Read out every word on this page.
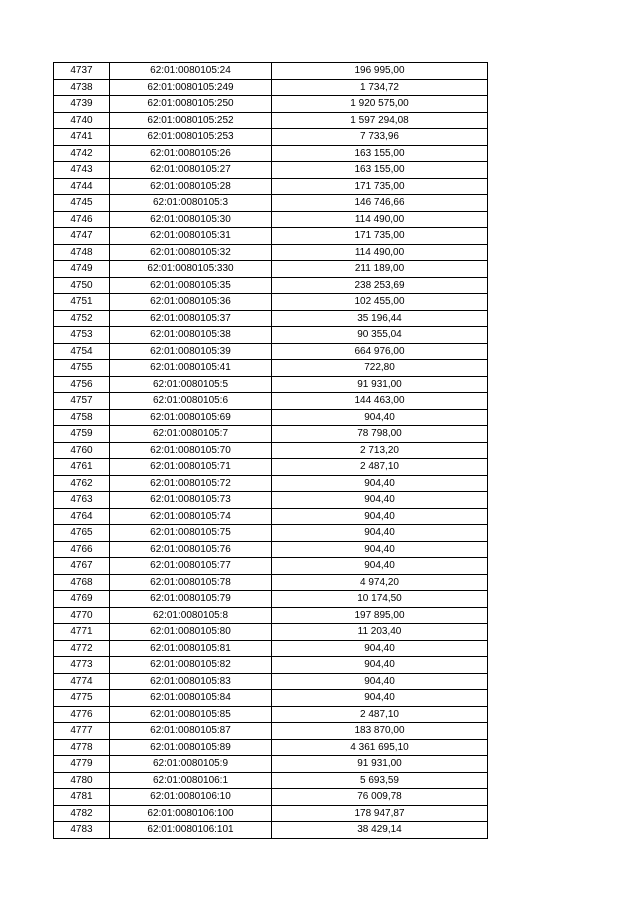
4737	62:01:0080105:24	196 995,00
4738	62:01:0080105:249	1 734,72
4739	62:01:0080105:250	1 920 575,00
4740	62:01:0080105:252	1 597 294,08
4741	62:01:0080105:253	7 733,96
4742	62:01:0080105:26	163 155,00
4743	62:01:0080105:27	163 155,00
4744	62:01:0080105:28	171 735,00
4745	62:01:0080105:3	146 746,66
4746	62:01:0080105:30	114 490,00
4747	62:01:0080105:31	171 735,00
4748	62:01:0080105:32	114 490,00
4749	62:01:0080105:330	211 189,00
4750	62:01:0080105:35	238 253,69
4751	62:01:0080105:36	102 455,00
4752	62:01:0080105:37	35 196,44
4753	62:01:0080105:38	90 355,04
4754	62:01:0080105:39	664 976,00
4755	62:01:0080105:41	722,80
4756	62:01:0080105:5	91 931,00
4757	62:01:0080105:6	144 463,00
4758	62:01:0080105:69	904,40
4759	62:01:0080105:7	78 798,00
4760	62:01:0080105:70	2 713,20
4761	62:01:0080105:71	2 487,10
4762	62:01:0080105:72	904,40
4763	62:01:0080105:73	904,40
4764	62:01:0080105:74	904,40
4765	62:01:0080105:75	904,40
4766	62:01:0080105:76	904,40
4767	62:01:0080105:77	904,40
4768	62:01:0080105:78	4 974,20
4769	62:01:0080105:79	10 174,50
4770	62:01:0080105:8	197 895,00
4771	62:01:0080105:80	11 203,40
4772	62:01:0080105:81	904,40
4773	62:01:0080105:82	904,40
4774	62:01:0080105:83	904,40
4775	62:01:0080105:84	904,40
4776	62:01:0080105:85	2 487,10
4777	62:01:0080105:87	183 870,00
4778	62:01:0080105:89	4 361 695,10
4779	62:01:0080105:9	91 931,00
4780	62:01:0080106:1	5 693,59
4781	62:01:0080106:10	76 009,78
4782	62:01:0080106:100	178 947,87
4783	62:01:0080106:101	38 429,14
